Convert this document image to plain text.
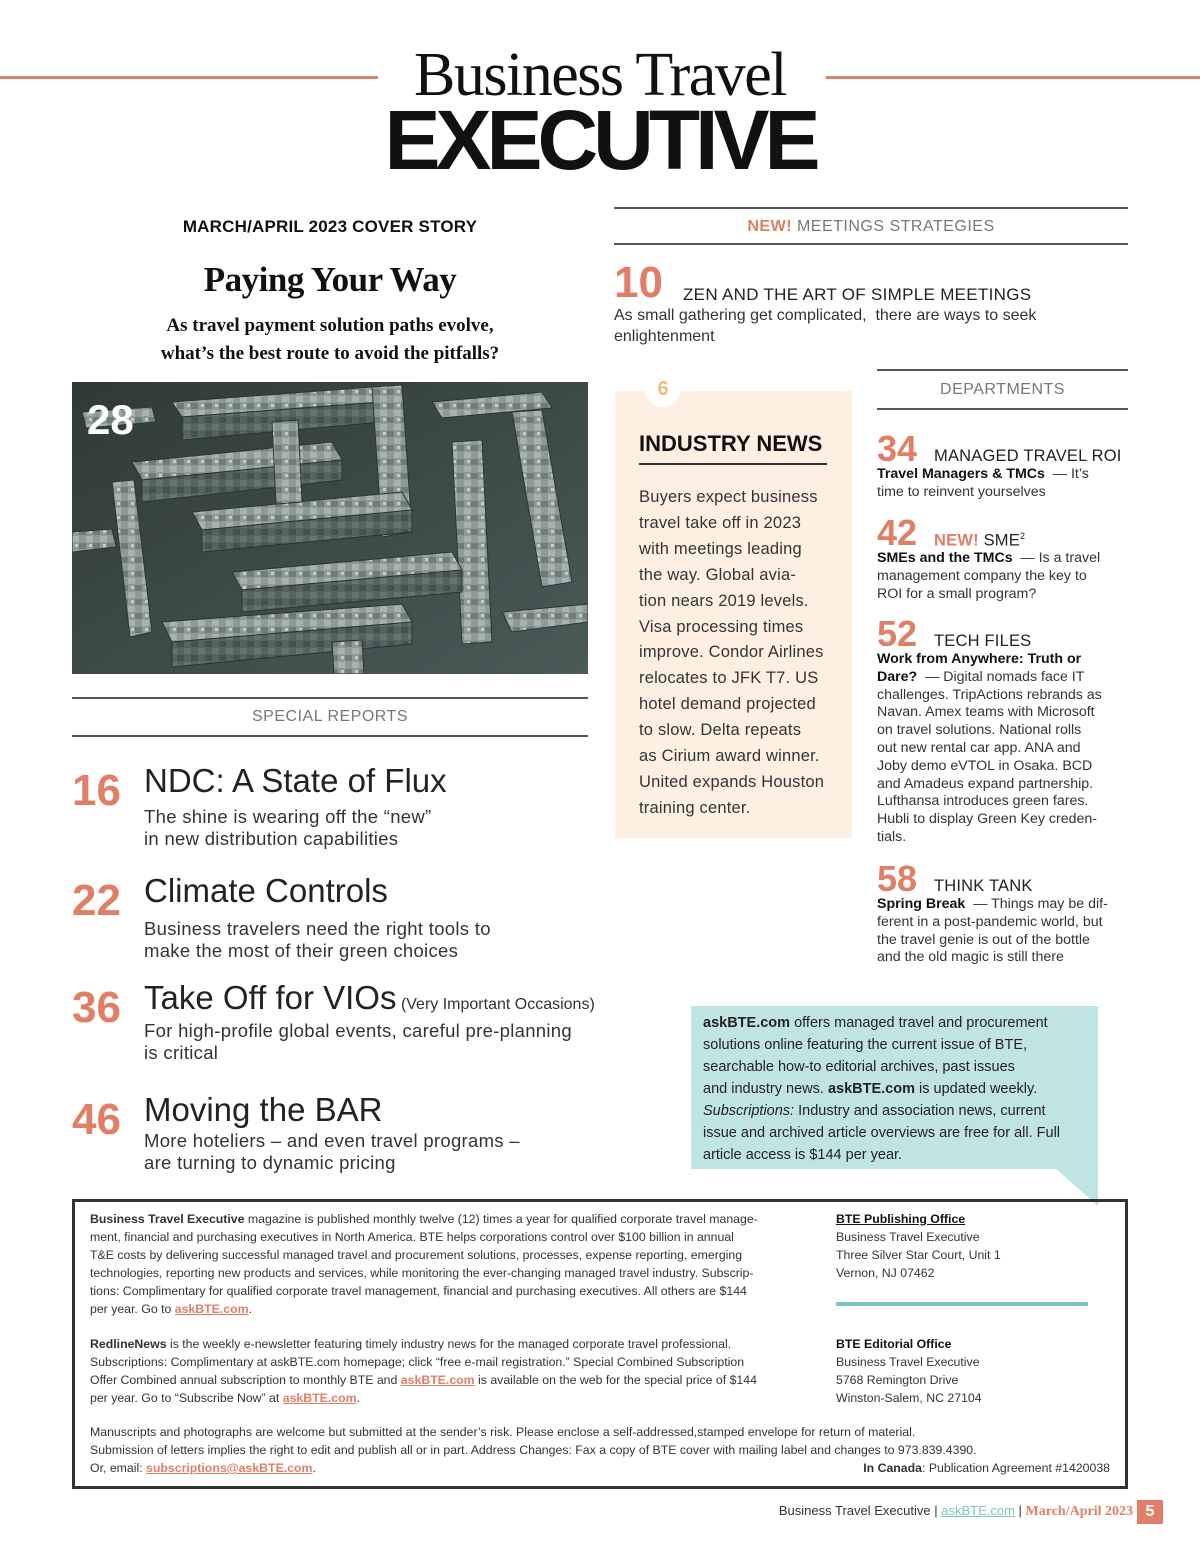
Business Travel
EXECUTIVE
MARCH/APRIL 2023 COVER STORY
Paying Your Way
As travel payment solution paths evolve,
what’s the best route to avoid the pitfalls?
28
SPECIAL REPORTS
16 NDC: A State of Flux
The shine is wearing off the “new”
in new distribution capabilities
22 Climate Controls
Business travelers need the right tools to
make the most of their green choices
36 Take Off for VIOs (Very Important Occasions)
For high-profile global events, careful pre-planning
is critical
46 Moving the BAR
More hoteliers – and even travel programs –
are turning to dynamic pricing
NEW! MEETINGS STRATEGIES
10 ZEN AND THE ART OF SIMPLE MEETINGS
As small gathering get complicated,  there are ways to seek
enlightenment
6
INDUSTRY NEWS
Buyers expect business
travel take off in 2023
with meetings leading
the way. Global avia-
tion nears 2019 levels.
Visa processing times
improve. Condor Airlines
relocates to JFK T7. US
hotel demand projected
to slow. Delta repeats
as Cirium award winner.
United expands Houston
training center.
DEPARTMENTS
34 MANAGED TRAVEL ROI
Travel Managers & TMCs — It’s
time to reinvent yourselves
42 NEW! SME$^2$
SMEs and the TMCs — Is a travel
management company the key to
ROI for a small program?
52 TECH FILES
Work from Anywhere: Truth or
Dare? — Digital nomads face IT
challenges. TripActions rebrands as
Navan. Amex teams with Microsoft
on travel solutions. National rolls
out new rental car app. ANA and
Joby demo eVTOL in Osaka. BCD
and Amadeus expand partnership.
Lufthansa introduces green fares.
Hubli to display Green Key creden-
tials.
58 THINK TANK
Spring Break — Things may be dif-
ferent in a post-pandemic world, but
the travel genie is out of the bottle
and the old magic is still there

askBTE.com offers managed travel and procurement

solutions online featuring the current issue of BTE,

searchable how-to editorial archives, past issues

and industry news. askBTE.com is updated weekly.

Subscriptions: Industry and association news, current

issue and archived article overviews are free for all. Full

article access is $144 per year.

Business Travel Executive magazine is published monthly twelve (12) times a year for qualified corporate travel manage-
ment, financial and purchasing executives in North America. BTE helps corporations control over $100 billion in annual
T&E costs by delivering successful managed travel and procurement solutions, processes, expense reporting, emerging
technologies, reporting new products and services, while monitoring the ever-changing managed travel industry. Subscrip-
tions: Complimentary for qualified corporate travel management, financial and purchasing executives. All others are $144
per year. Go to askBTE.com.
RedlineNews is the weekly e-newsletter featuring timely industry news for the managed corporate travel professional.
Subscriptions: Complimentary at askBTE.com homepage; click “free e-mail registration.” Special Combined Subscription
Offer Combined annual subscription to monthly BTE and askBTE.com is available on the web for the special price of $144
per year. Go to “Subscribe Now” at askBTE.com.
Manuscripts and photographs are welcome but submitted at the sender’s risk. Please enclose a self-addressed,stamped envelope for return of material.
Submission of letters implies the right to edit and publish all or in part. Address Changes: Fax a copy of BTE cover with mailing label and changes to 973.839.4390.
Or, email: subscriptions@askBTE.com.	In Canada: Publication Agreement #1420038
BTE Publishing Office
Business Travel Executive
Three Silver Star Court, Unit 1
Vernon, NJ 07462
BTE Editorial Office
Business Travel Executive
5768 Remington Drive
Winston-Salem, NC 27104
Business Travel Executive | askBTE.com | March/April 2023 5
